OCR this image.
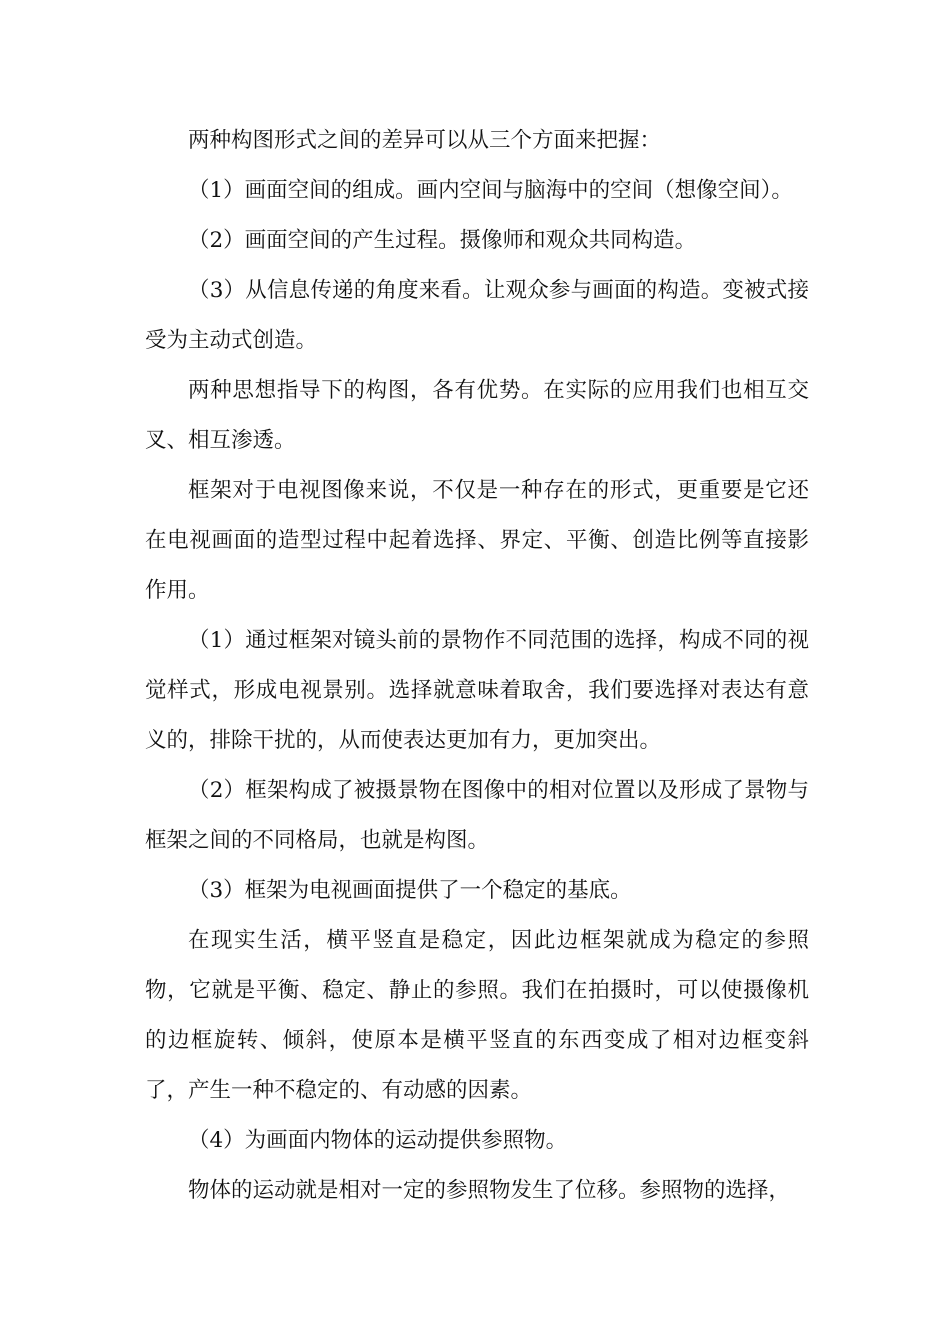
两种构图形式之间的差异可以从三个方面来把握：

（1）画面空间的组成。画内空间与脑海中的空间（想像空间）。

（2）画面空间的产生过程。摄像师和观众共同构造。

（3）从信息传递的角度来看。让观众参与画面的构造。变被式接受为主动式创造。

两种思想指导下的构图，各有优势。在实际的应用我们也相互交叉、相互渗透。

框架对于电视图像来说，不仅是一种存在的形式，更重要是它还在电视画面的造型过程中起着选择、界定、平衡、创造比例等直接影作用。

（1）通过框架对镜头前的景物作不同范围的选择，构成不同的视觉样式，形成电视景别。选择就意味着取舍，我们要选择对表达有意义的，排除干扰的，从而使表达更加有力，更加突出。

（2）框架构成了被摄景物在图像中的相对位置以及形成了景物与框架之间的不同格局，也就是构图。

（3）框架为电视画面提供了一个稳定的基底。

在现实生活，横平竖直是稳定，因此边框架就成为稳定的参照物，它就是平衡、稳定、静止的参照。我们在拍摄时，可以使摄像机的边框旋转、倾斜，使原本是横平竖直的东西变成了相对边框变斜了，产生一种不稳定的、有动感的因素。

（4）为画面内物体的运动提供参照物。

物体的运动就是相对一定的参照物发生了位移。参照物的选择，
